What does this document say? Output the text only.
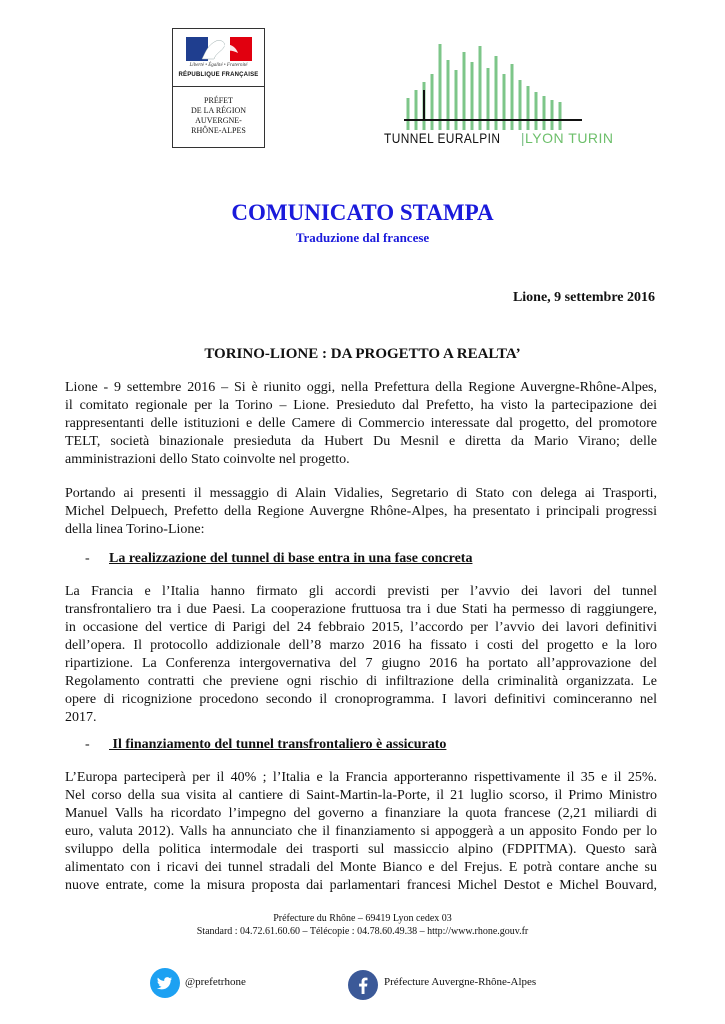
Liberté • Égalité • Fraternité
RÉPUBLIQUE FRANÇAISE
PRÉFET
DE LA RÉGION
AUVERGNE-
RHÔNE-ALPES	TUNNEL EURALPIN |LYON TURIN
COMUNICATO STAMPA
Traduzione dal francese
Lione, 9 settembre 2016
TORINO-LIONE : DA PROGETTO A REALTA’
Lione - 9 settembre 2016 – Si è riunito oggi, nella Prefettura della Regione Auvergne-Rhône-Alpes,
il comitato regionale per la Torino – Lione. Presieduto dal Prefetto, ha visto la partecipazione dei
rappresentanti delle istituzioni e delle Camere di Commercio interessate dal progetto, del promotore
TELT, società binazionale presieduta da Hubert Du Mesnil e diretta da Mario Virano; delle
amministrazioni dello Stato coinvolte nel progetto.
Portando ai presenti il messaggio di Alain Vidalies, Segretario di Stato con delega ai Trasporti,
Michel Delpuech, Prefetto della Regione Auvergne Rhône-Alpes, ha presentato i principali progressi
della linea Torino-Lione:
- La realizzazione del tunnel di base entra in una fase concreta
La Francia e l’Italia hanno firmato gli accordi previsti per l’avvio dei lavori del tunnel
transfrontaliero tra i due Paesi. La cooperazione fruttuosa tra i due Stati ha permesso di raggiungere,
in occasione del vertice di Parigi del 24 febbraio 2015, l’accordo per l’avvio dei lavori definitivi
dell’opera. Il protocollo addizionale dell’8 marzo 2016 ha fissato i costi del progetto e la loro
ripartizione. La Conferenza intergovernativa del 7 giugno 2016 ha portato all’approvazione del
Regolamento contratti che previene ogni rischio di infiltrazione della criminalità organizzata. Le
opere di ricognizione procedono secondo il cronoprogramma. I lavori definitivi cominceranno nel
2017.
- Il finanziamento del tunnel transfrontaliero è assicurato
L’Europa parteciperà per il 40% ; l’Italia e la Francia apporteranno rispettivamente il 35 e il 25%.
Nel corso della sua visita al cantiere di Saint-Martin-la-Porte, il 21 luglio scorso, il Primo Ministro
Manuel Valls ha ricordato l’impegno del governo a finanziare la quota francese (2,21 miliardi di
euro, valuta 2012). Valls ha annunciato che il finanziamento si appoggerà a un apposito Fondo per lo
sviluppo della politica intermodale dei trasporti sul massiccio alpino (FDPITMA). Questo sarà
alimentato con i ricavi dei tunnel stradali del Monte Bianco e del Frejus. E potrà contare anche su
nuove entrate, come la misura proposta dai parlamentari francesi Michel Destot e Michel Bouvard,
Préfecture du Rhône – 69419 Lyon cedex 03
Standard : 04.72.61.60.60 – Télécopie : 04.78.60.49.38 – http://www.rhone.gouv.fr
@prefetrhone	Préfecture Auvergne-Rhône-Alpes
